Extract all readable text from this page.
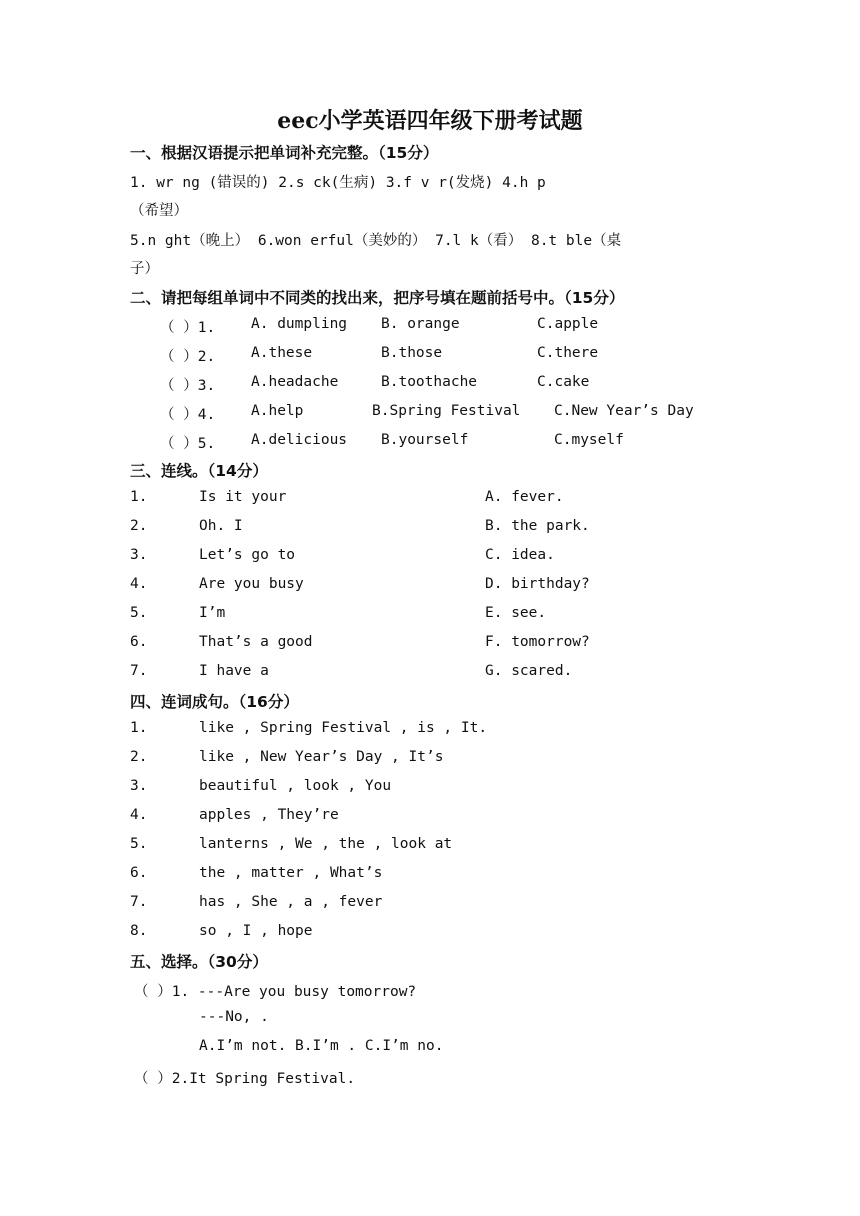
eec小学英语四年级下册考试题
一、根据汉语提示把单词补充完整。（15分）
1. wr ng (错误的) 2.s ck(生病) 3.f v r(发烧) 4.h p
（希望）
5.n ght（晚上） 6.won erful（美妙的） 7.l k（看） 8.t ble（桌
子）
二、请把每组单词中不同类的找出来，把序号填在题前括号中。（15分）
（ ）1. A. dumpling B. orange	C.apple
（ ）2. A.these	B.those	C.there
（ ）3. A.headache	B.toothache	C.cake
（ ）4. A.help	B.Spring Festival C.New Year’s Day
（ ）5. A.delicious B.yourself	C.myself
三、连线。（14分）
1.	Is it your	A. fever.
2.	Oh. I	B. the park.
3.	Let’s go to	C. idea.
4.	Are you busy	D. birthday?
5.	I’m	E. see.
6.	That’s a good	F. tomorrow?
7.	I have a	G. scared.
四、连词成句。（16分）
1.	like , Spring Festival , is , It.
2.	like , New Year’s Day , It’s
3.	beautiful , look , You
4.	apples , They’re
5.	lanterns , We , the , look at
6.	the , matter , What’s
7.	has , She , a , fever
8.	so , I , hope
五、选择。（30分）
（ ）1. ---Are you busy tomorrow?
---No, .
A.I’m not. B.I’m . C.I’m no.
（ ）2.It Spring Festival.
